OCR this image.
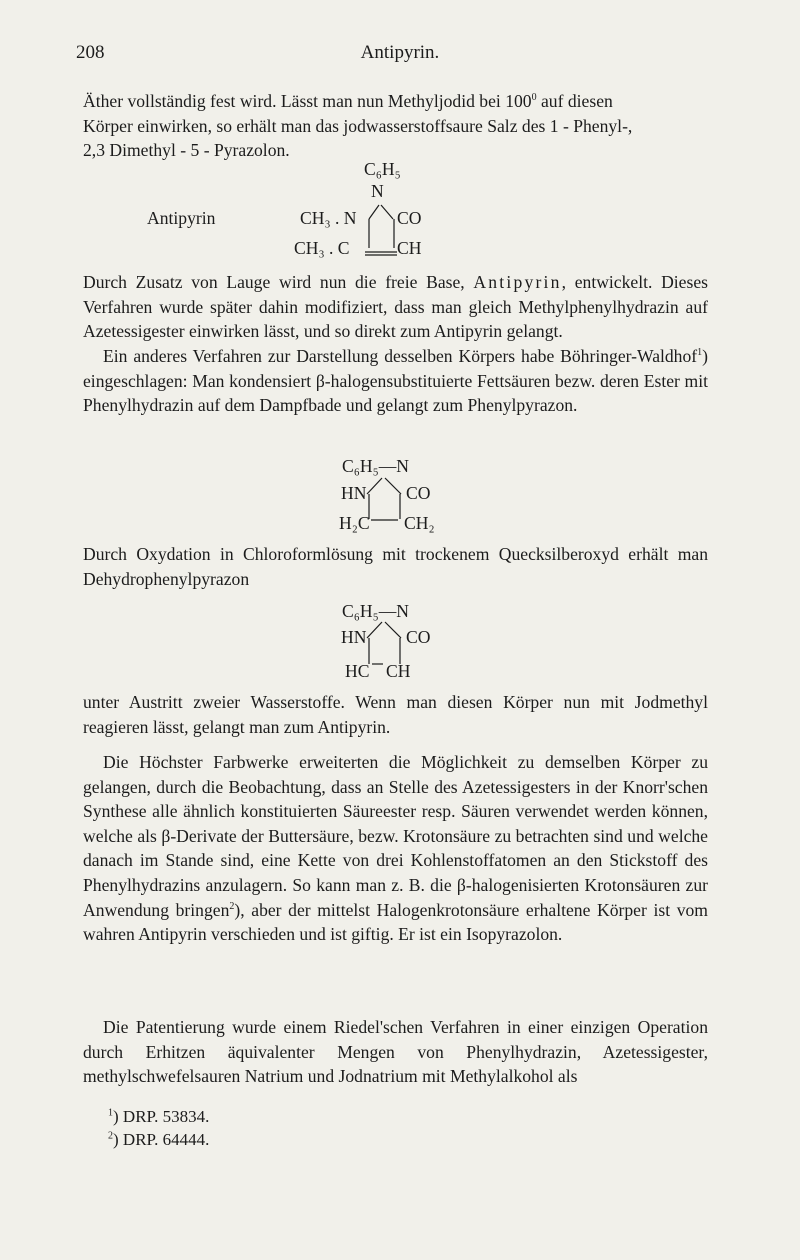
208	Antipyrin.

Äther vollständig fest wird. Lässt man nun Methyljodid bei $100^0$ auf diesen
Körper einwirken, so erhält man das jodwasserstoffsaure Salz des 1 - Phenyl-,
2,3 Dimethyl - 5 - Pyrazolon.

Antipyrin
C₆H₅
N
CH₃ . N CO
CH₃ . C	CH

Durch Zusatz von Lauge wird nun die freie Base, Antipyrin, entwickelt. Dieses Verfahren wurde später dahin modifiziert, dass man gleich Methylphenylhydrazin auf Azetessigester einwirken lässt, und so direkt zum Antipyrin gelangt.

Ein anderes Verfahren zur Darstellung desselben Körpers habe Böhringer-Waldhof$^1$) eingeschlagen: Man kondensiert β-halogensubstituierte Fettsäuren bezw. deren Ester mit Phenylhydrazin auf dem Dampfbade und gelangt zum Phenylpyrazon.

C₆H₅—N
HN CO
H₂C CH₂

Durch Oxydation in Chloroformlösung mit trockenem Quecksilberoxyd erhält man Dehydrophenylpyrazon

C₆H₅—N
HN CO
HC CH

unter Austritt zweier Wasserstoffe. Wenn man diesen Körper nun mit Jodmethyl reagieren lässt, gelangt man zum Antipyrin.

Die Höchster Farbwerke erweiterten die Möglichkeit zu demselben Körper zu gelangen, durch die Beobachtung, dass an Stelle des Azetessigesters in der Knorr'schen Synthese alle ähnlich konstituierten Säureester resp. Säuren verwendet werden können, welche als β-Derivate der Buttersäure, bezw. Krotonsäure zu betrachten sind und welche danach im Stande sind, eine Kette von drei Kohlenstoffatomen an den Stickstoff des Phenylhydrazins anzulagern. So kann man z. B. die β-halogenisierten Krotonsäuren zur Anwendung bringen$^2$), aber der mittelst Halogenkrotonsäure erhaltene Körper ist vom wahren Antipyrin verschieden und ist giftig. Er ist ein Isopyrazolon.

Die Patentierung wurde einem Riedel'schen Verfahren in einer einzigen Operation durch Erhitzen äquivalenter Mengen von Phenylhydrazin, Azetessigester, methylschwefelsauren Natrium und Jodnatrium mit Methylalkohol als

$^1$) DRP. 53834.
$^2$) DRP. 64444.
